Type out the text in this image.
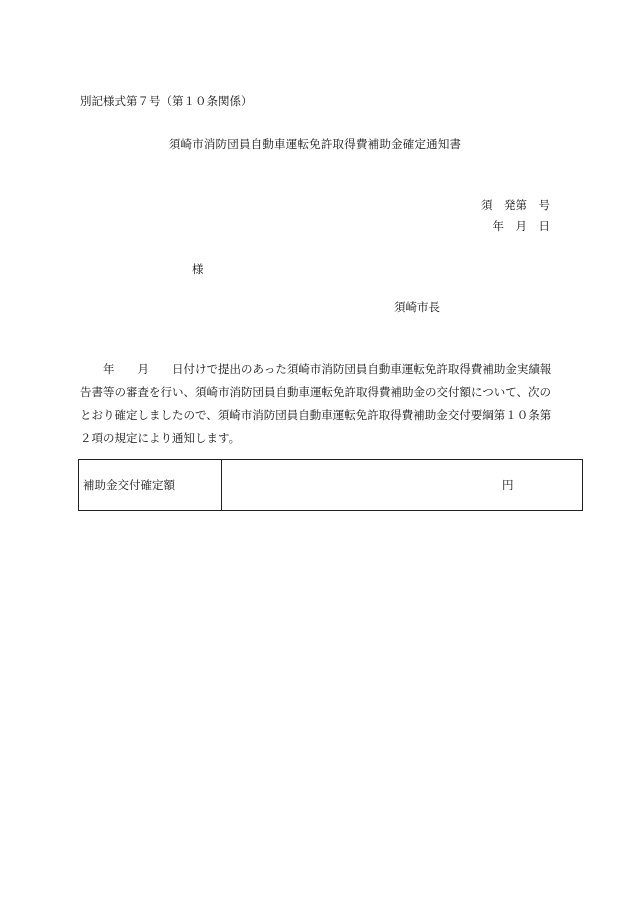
別記様式第７号（第１０条関係）
須崎市消防団員自動車運転免許取得費補助金確定通知書
須　発第　号
年　月　日
様
須崎市長
年　　月　　日付けで提出のあった須崎市消防団員自動車運転免許取得費補助金実績報告書等の審査を行い、須崎市消防団員自動車運転免許取得費補助金の交付額について、次のとおり確定しましたので、須崎市消防団員自動車運転免許取得費補助金交付要綱第１０条第２項の規定により通知します。
補助金交付確定額	円
